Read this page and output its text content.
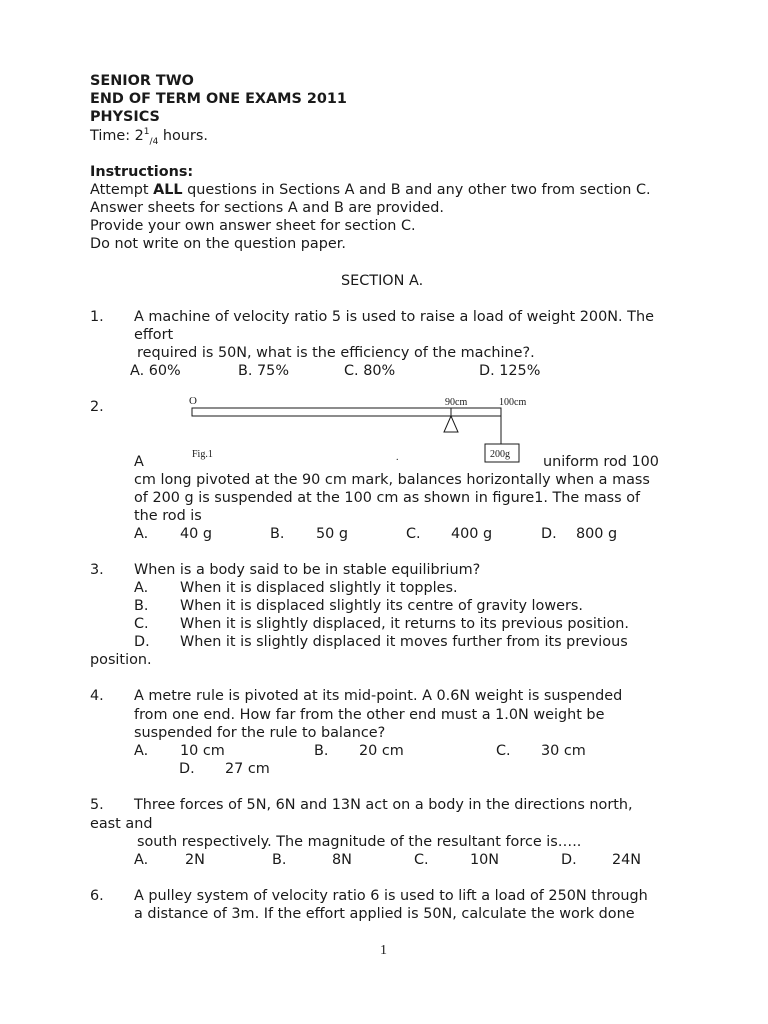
SENIOR TWO
END OF TERM ONE EXAMS 2011
PHYSICS
Time: $2^1_{/4}$ hours.
Instructions:
Attempt ALL questions in Sections A and B and any other two from section C.
Answer sheets for sections A and B are provided.
Provide your own answer sheet for section C.
Do not write on the question paper.
SECTION A.
1. A machine of velocity ratio 5 is used to raise a load of weight 200N. The
effort
required is 50N, what is the efficiency of the machine?.
A. 60%	B. 75%	C. 80%	D. 125%
2.	O	90cm	100cm
200g
Fig.1	.
A	uniform rod 100
cm long pivoted at the 90 cm mark, balances horizontally when a mass
of 200 g is suspended at the 100 cm as shown in figure1. The mass of
the rod is
A. 40 g	B. 50 g	C. 400 g	D. 800 g
3. When is a body said to be in stable equilibrium?
A. When it is displaced slightly it topples.
B. When it is displaced slightly its centre of gravity lowers.
C. When it is slightly displaced, it returns to its previous position.
D. When it is slightly displaced it moves further from its previous
position.
4. A metre rule is pivoted at its mid-point. A 0.6N weight is suspended
from one end. How far from the other end must a 1.0N weight be
suspended for the rule to balance?
A. 10 cm	B. 20 cm	C. 30 cm
D. 27 cm
5. Three forces of 5N, 6N and 13N act on a body in the directions north,
east and
south respectively. The magnitude of the resultant force is…..
A.	2N	B.	8N	C.	10N	D. 24N
6. A pulley system of velocity ratio 6 is used to lift a load of 250N through
a distance of 3m. If the effort applied is 50N, calculate the work done
1
